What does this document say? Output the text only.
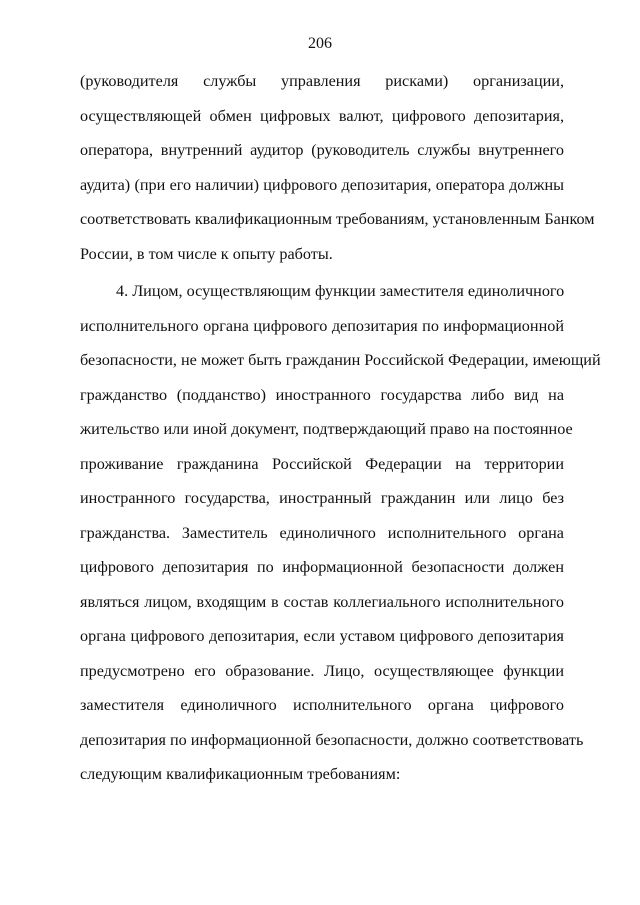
206
(руководителя службы управления рисками) организации,
осуществляющей обмен цифровых валют, цифрового депозитария,
оператора, внутренний аудитор (руководитель службы внутреннего
аудита) (при его наличии) цифрового депозитария, оператора должны
соответствовать квалификационным требованиям, установленным Банком
России, в том числе к опыту работы.
4. Лицом, осуществляющим функции заместителя единоличного
исполнительного органа цифрового депозитария по информационной
безопасности, не может быть гражданин Российской Федерации, имеющий
гражданство (подданство) иностранного государства либо вид на
жительство или иной документ, подтверждающий право на постоянное
проживание гражданина Российской Федерации на территории
иностранного государства, иностранный гражданин или лицо без
гражданства. Заместитель единоличного исполнительного органа
цифрового депозитария по информационной безопасности должен
являться лицом, входящим в состав коллегиального исполнительного
органа цифрового депозитария, если уставом цифрового депозитария
предусмотрено его образование. Лицо, осуществляющее функции
заместителя единоличного исполнительного органа цифрового
депозитария по информационной безопасности, должно соответствовать
следующим квалификационным требованиям:
